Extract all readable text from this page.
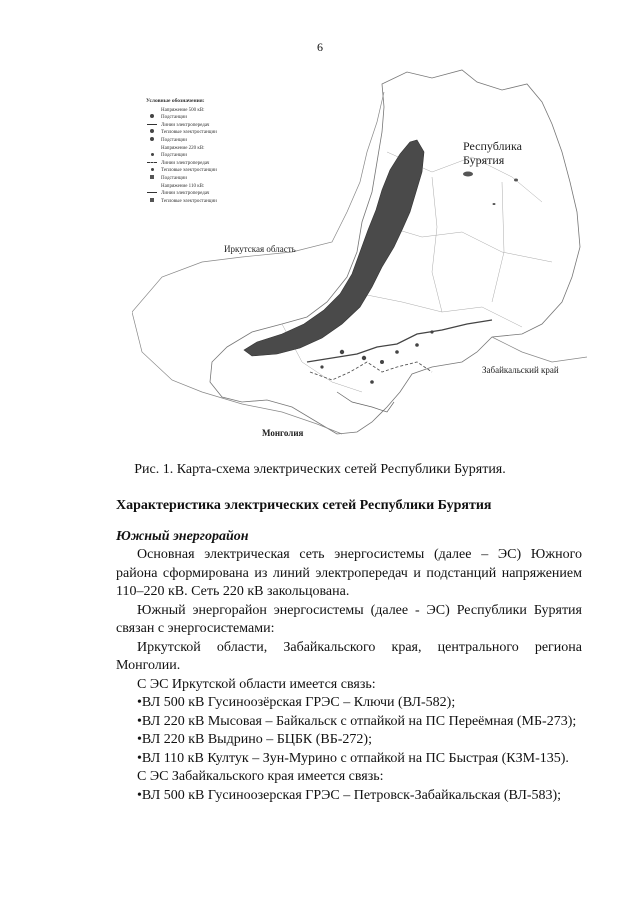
6
Условные обозначения:
Напряжение 500 кВ:
Подстанции
Линии электропередач
Тепловые электростанции
Подстанции
Напряжение 220 кВ:
Подстанции
Линии электропередач
Тепловые электростанции
Подстанции
Напряжение 110 кВ:
Линии электропередач
Тепловые электростанции
Иркутская область
Республика Бурятия
Забайкальский край
Монголия
Рис. 1. Карта-схема электрических сетей Республики Бурятия.
Характеристика электрических сетей Республики Бурятия
Южный энергорайон

Основная электрическая сеть энергосистемы (далее – ЭС) Южного района сформирована из линий электропередач и подстанций напряжением 110–220 кВ. Сеть 220 кВ закольцована.

Южный энергорайон энергосистемы (далее - ЭС) Республики Бурятия связан с энергосистемами:

Иркутской области, Забайкальского края, центрального региона Монголии.

С ЭС Иркутской области имеется связь:

•ВЛ 500 кВ Гусиноозёрская ГРЭС – Ключи (ВЛ-582);

•ВЛ 220 кВ Мысовая – Байкальск с отпайкой на ПС Переёмная (МБ-273);

•ВЛ 220 кВ Выдрино – БЦБК (ВБ-272);

•ВЛ 110 кВ Култук – Зун-Мурино с отпайкой на ПС Быстрая (КЗМ-135).

С ЭС Забайкальского края имеется связь:

•ВЛ 500 кВ Гусиноозерская ГРЭС – Петровск-Забайкальская (ВЛ-583);
